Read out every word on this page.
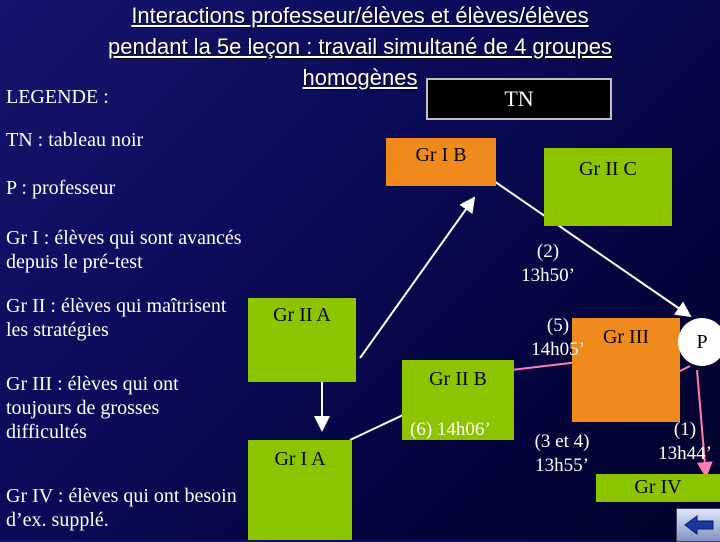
Interactions professeur/élèves et élèves/élèves
pendant la 5e leçon : travail simultané de 4 groupes
homogènes
LEGENDE :
TN : tableau noir
P : professeur
Gr I : élèves qui sont avancés depuis le pré-test
Gr II : élèves qui maîtrisent les stratégies
Gr III : élèves qui ont toujours de grosses difficultés
Gr IV : élèves qui ont besoin d’ex. supplé.
TN
Gr I B
Gr II C
Gr II A
Gr II B
Gr I A
Gr III
Gr IV
P
(2)
13h50’
(5)
14h05’
(6) 14h06’
(3 et 4)
13h55’
(1)
13h44’
